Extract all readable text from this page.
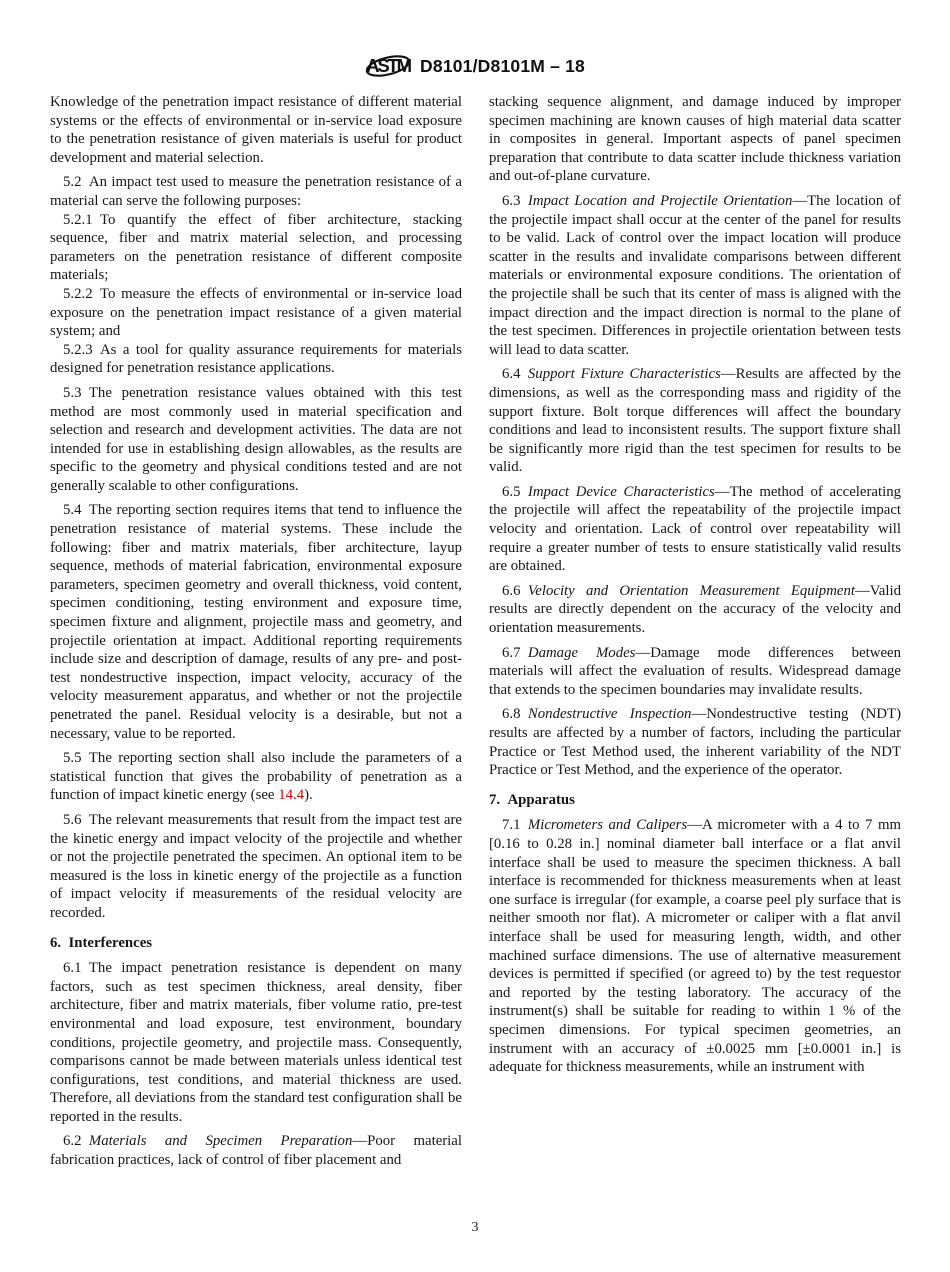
ASTM D8101/D8101M – 18

Knowledge of the penetration impact resistance of different material systems or the effects of environmental or in-service load exposure to the penetration resistance of given materials is useful for product development and material selection.

5.2 An impact test used to measure the penetration resistance of a material can serve the following purposes:

5.2.1 To quantify the effect of fiber architecture, stacking sequence, fiber and matrix material selection, and processing parameters on the penetration resistance of different composite materials;

5.2.2 To measure the effects of environmental or in-service load exposure on the penetration impact resistance of a given material system; and

5.2.3 As a tool for quality assurance requirements for materials designed for penetration resistance applications.

5.3 The penetration resistance values obtained with this test method are most commonly used in material specification and selection and research and development activities. The data are not intended for use in establishing design allowables, as the results are specific to the geometry and physical conditions tested and are not generally scalable to other configurations.

5.4 The reporting section requires items that tend to influence the penetration resistance of material systems. These include the following: fiber and matrix materials, fiber architecture, layup sequence, methods of material fabrication, environmental exposure parameters, specimen geometry and overall thickness, void content, specimen conditioning, testing environment and exposure time, specimen fixture and alignment, projectile mass and geometry, and projectile orientation at impact. Additional reporting requirements include size and description of damage, results of any pre- and post-test nondestructive inspection, impact velocity, accuracy of the velocity measurement apparatus, and whether or not the projectile penetrated the panel. Residual velocity is a desirable, but not a necessary, value to be reported.

5.5 The reporting section shall also include the parameters of a statistical function that gives the probability of penetration as a function of impact kinetic energy (see 14.4).

5.6 The relevant measurements that result from the impact test are the kinetic energy and impact velocity of the projectile and whether or not the projectile penetrated the specimen. An optional item to be measured is the loss in kinetic energy of the projectile as a function of impact velocity if measurements of the residual velocity are recorded.

6. Interferences

6.1 The impact penetration resistance is dependent on many factors, such as test specimen thickness, areal density, fiber architecture, fiber and matrix materials, fiber volume ratio, pre-test environmental and load exposure, test environment, boundary conditions, projectile geometry, and projectile mass. Consequently, comparisons cannot be made between materials unless identical test configurations, test conditions, and material thickness are used. Therefore, all deviations from the standard test configuration shall be reported in the results.

6.2 Materials and Specimen Preparation—Poor material fabrication practices, lack of control of fiber placement and

stacking sequence alignment, and damage induced by improper specimen machining are known causes of high material data scatter in composites in general. Important aspects of panel specimen preparation that contribute to data scatter include thickness variation and out-of-plane curvature.

6.3 Impact Location and Projectile Orientation—The location of the projectile impact shall occur at the center of the panel for results to be valid. Lack of control over the impact location will produce scatter in the results and invalidate comparisons between different materials or environmental exposure conditions. The orientation of the projectile shall be such that its center of mass is aligned with the impact direction and the impact direction is normal to the plane of the test specimen. Differences in projectile orientation between tests will lead to data scatter.

6.4 Support Fixture Characteristics—Results are affected by the dimensions, as well as the corresponding mass and rigidity of the support fixture. Bolt torque differences will affect the boundary conditions and lead to inconsistent results. The support fixture shall be significantly more rigid than the test specimen for results to be valid.

6.5 Impact Device Characteristics—The method of accelerating the projectile will affect the repeatability of the projectile impact velocity and orientation. Lack of control over repeatability will require a greater number of tests to ensure statistically valid results are obtained.

6.6 Velocity and Orientation Measurement Equipment—Valid results are directly dependent on the accuracy of the velocity and orientation measurements.

6.7 Damage Modes—Damage mode differences between materials will affect the evaluation of results. Widespread damage that extends to the specimen boundaries may invalidate results.

6.8 Nondestructive Inspection—Nondestructive testing (NDT) results are affected by a number of factors, including the particular Practice or Test Method used, the inherent variability of the NDT Practice or Test Method, and the experience of the operator.

7. Apparatus

7.1 Micrometers and Calipers—A micrometer with a 4 to 7 mm [0.16 to 0.28 in.] nominal diameter ball interface or a flat anvil interface shall be used to measure the specimen thickness. A ball interface is recommended for thickness measurements when at least one surface is irregular (for example, a coarse peel ply surface that is neither smooth nor flat). A micrometer or caliper with a flat anvil interface shall be used for measuring length, width, and other machined surface dimensions. The use of alternative measurement devices is permitted if specified (or agreed to) by the test requestor and reported by the testing laboratory. The accuracy of the instrument(s) shall be suitable for reading to within 1 % of the specimen dimensions. For typical specimen geometries, an instrument with an accuracy of ±0.0025 mm [±0.0001 in.] is adequate for thickness measurements, while an instrument with

3
